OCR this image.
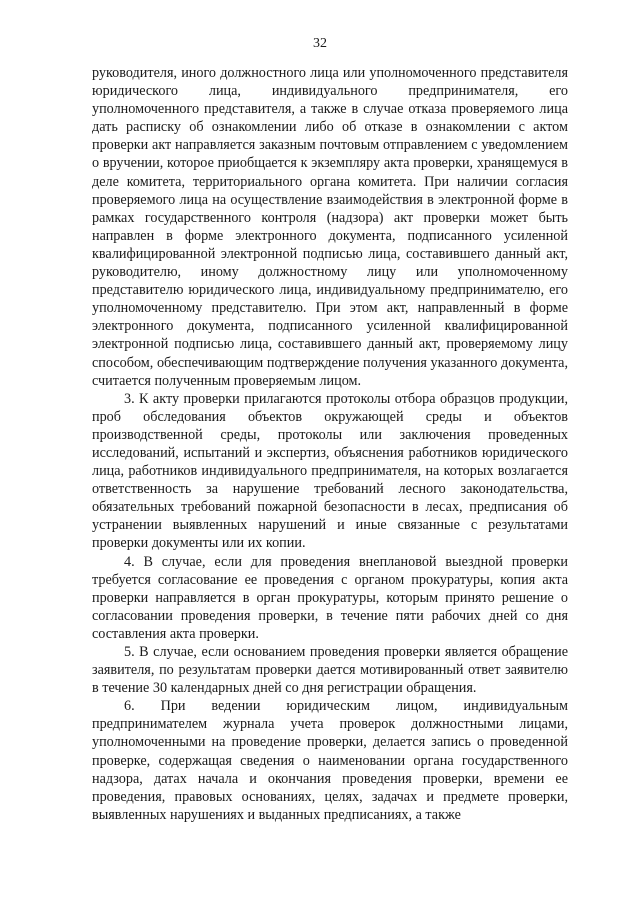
32

руководителя, иного должностного лица или уполномоченного представителя юридического лица, индивидуального предпринимателя, его уполномоченного представителя, а также в случае отказа проверяемого лица дать расписку об ознакомлении либо об отказе в ознакомлении с актом проверки акт направляется заказным почтовым отправлением с уведомлением о вручении, которое приобщается к экземпляру акта проверки, хранящемуся в деле комитета, территориального органа комитета. При наличии согласия проверяемого лица на осуществление взаимодействия в электронной форме в рамках государственного контроля (надзора) акт проверки может быть направлен в форме электронного документа, подписанного усиленной квалифицированной электронной подписью лица, составившего данный акт, руководителю, иному должностному лицу или уполномоченному представителю юридического лица, индивидуальному предпринимателю, его уполномоченному представителю. При этом акт, направленный в форме электронного документа, подписанного усиленной квалифицированной электронной подписью лица, составившего данный акт, проверяемому лицу способом, обеспечивающим подтверждение получения указанного документа, считается полученным проверяемым лицом.

3. К акту проверки прилагаются протоколы отбора образцов продукции, проб обследования объектов окружающей среды и объектов производственной среды, протоколы или заключения проведенных исследований, испытаний и экспертиз, объяснения работников юридического лица, работников индивидуального предпринимателя, на которых возлагается ответственность за нарушение требований лесного законодательства, обязательных требований пожарной безопасности в лесах, предписания об устранении выявленных нарушений и иные связанные с результатами проверки документы или их копии.

4. В случае, если для проведения внеплановой выездной проверки требуется согласование ее проведения с органом прокуратуры, копия акта проверки направляется в орган прокуратуры, которым принято решение о согласовании проведения проверки, в течение пяти рабочих дней со дня составления акта проверки.

5. В случае, если основанием проведения проверки является обращение заявителя, по результатам проверки дается мотивированный ответ заявителю в течение 30 календарных дней со дня регистрации обращения.

6. При ведении юридическим лицом, индивидуальным предпринимателем журнала учета проверок должностными лицами, уполномоченными на проведение проверки, делается запись о проведенной проверке, содержащая сведения о наименовании органа государственного надзора, датах начала и окончания проведения проверки, времени ее проведения, правовых основаниях, целях, задачах и предмете проверки, выявленных нарушениях и выданных предписаниях, а также
